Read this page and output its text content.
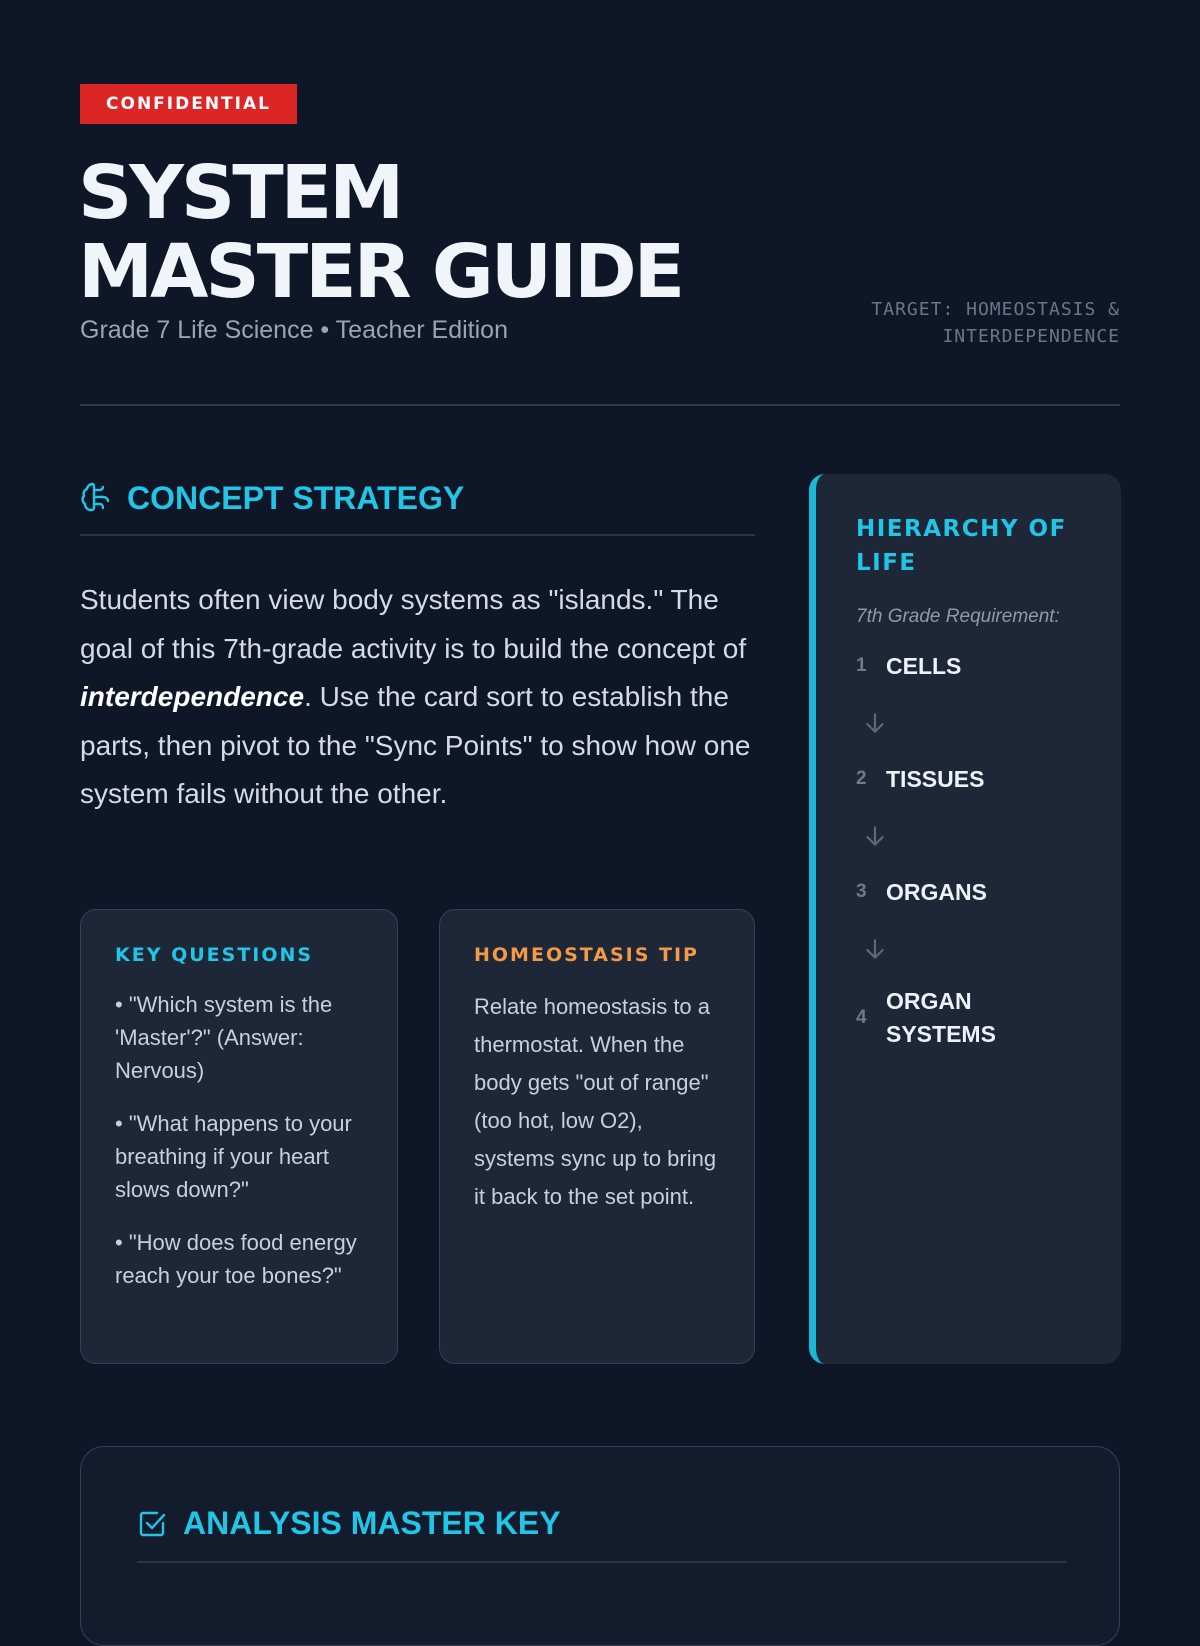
CONFIDENTIAL
SYSTEM
MASTER GUIDE
Grade 7 Life Science • Teacher Edition
TARGET: HOMEOSTASIS &
INTERDEPENDENCE
CONCEPT STRATEGY

Students often view body systems as "islands." The goal of this 7th-grade activity is to build the concept of interdependence. Use the card sort to establish the parts, then pivot to the "Sync Points" to show how one system fails without the other.

KEY QUESTIONS
• "Which system is the 'Master'?" (Answer: Nervous)
• "What happens to your breathing if your heart slows down?"
• "How does food energy reach your toe bones?"
HOMEOSTASIS TIP

Relate homeostasis to a thermostat. When the body gets "out of range" (too hot, low O2), systems sync up to bring it back to the set point.

HIERARCHY OF LIFE
7th Grade Requirement:
1 CELLS
2 TISSUES
3 ORGANS
4
ORGAN SYSTEMS
ANALYSIS MASTER KEY
